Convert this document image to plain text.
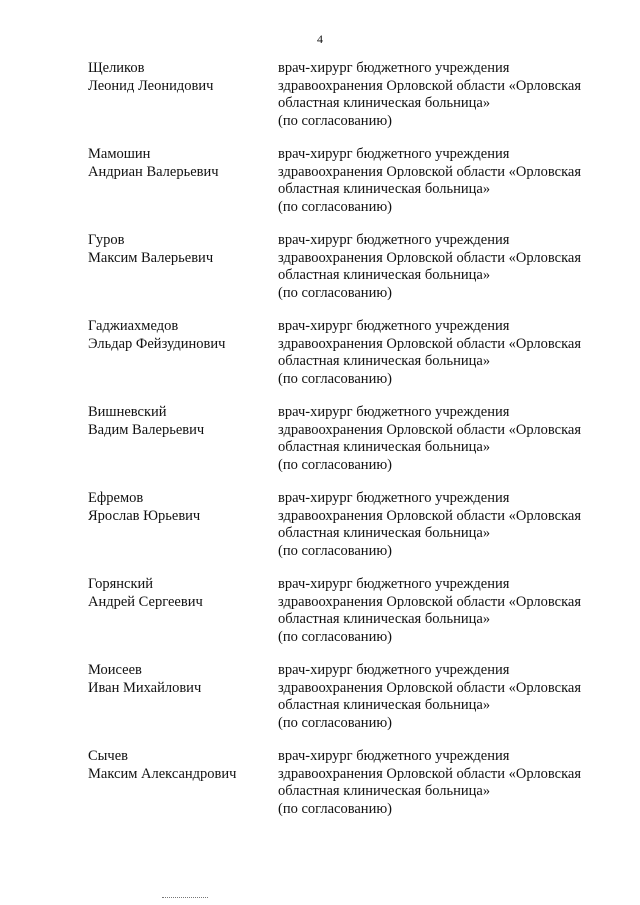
4
Щеликов
Леонид Леонидович
врач-хирург бюджетного учреждения
здравоохранения Орловской области «Орловская
областная клиническая больница»
(по согласованию)
Мамошин
Андриан Валерьевич
врач-хирург бюджетного учреждения
здравоохранения Орловской области «Орловская
областная клиническая больница»
(по согласованию)
Гуров
Максим Валерьевич
врач-хирург бюджетного учреждения
здравоохранения Орловской области «Орловская
областная клиническая больница»
(по согласованию)
Гаджиахмедов
Эльдар Фейзудинович
врач-хирург бюджетного учреждения
здравоохранения Орловской области «Орловская
областная клиническая больница»
(по согласованию)
Вишневский
Вадим Валерьевич
врач-хирург бюджетного учреждения
здравоохранения Орловской области «Орловская
областная клиническая больница»
(по согласованию)
Ефремов
Ярослав Юрьевич
врач-хирург бюджетного учреждения
здравоохранения Орловской области «Орловская
областная клиническая больница»
(по согласованию)
Горянский
Андрей Сергеевич
врач-хирург бюджетного учреждения
здравоохранения Орловской области «Орловская
областная клиническая больница»
(по согласованию)
Моисеев
Иван Михайлович
врач-хирург бюджетного учреждения
здравоохранения Орловской области «Орловская
областная клиническая больница»
(по согласованию)
Сычев
Максим Александрович
врач-хирург бюджетного учреждения
здравоохранения Орловской области «Орловская
областная клиническая больница»
(по согласованию)
